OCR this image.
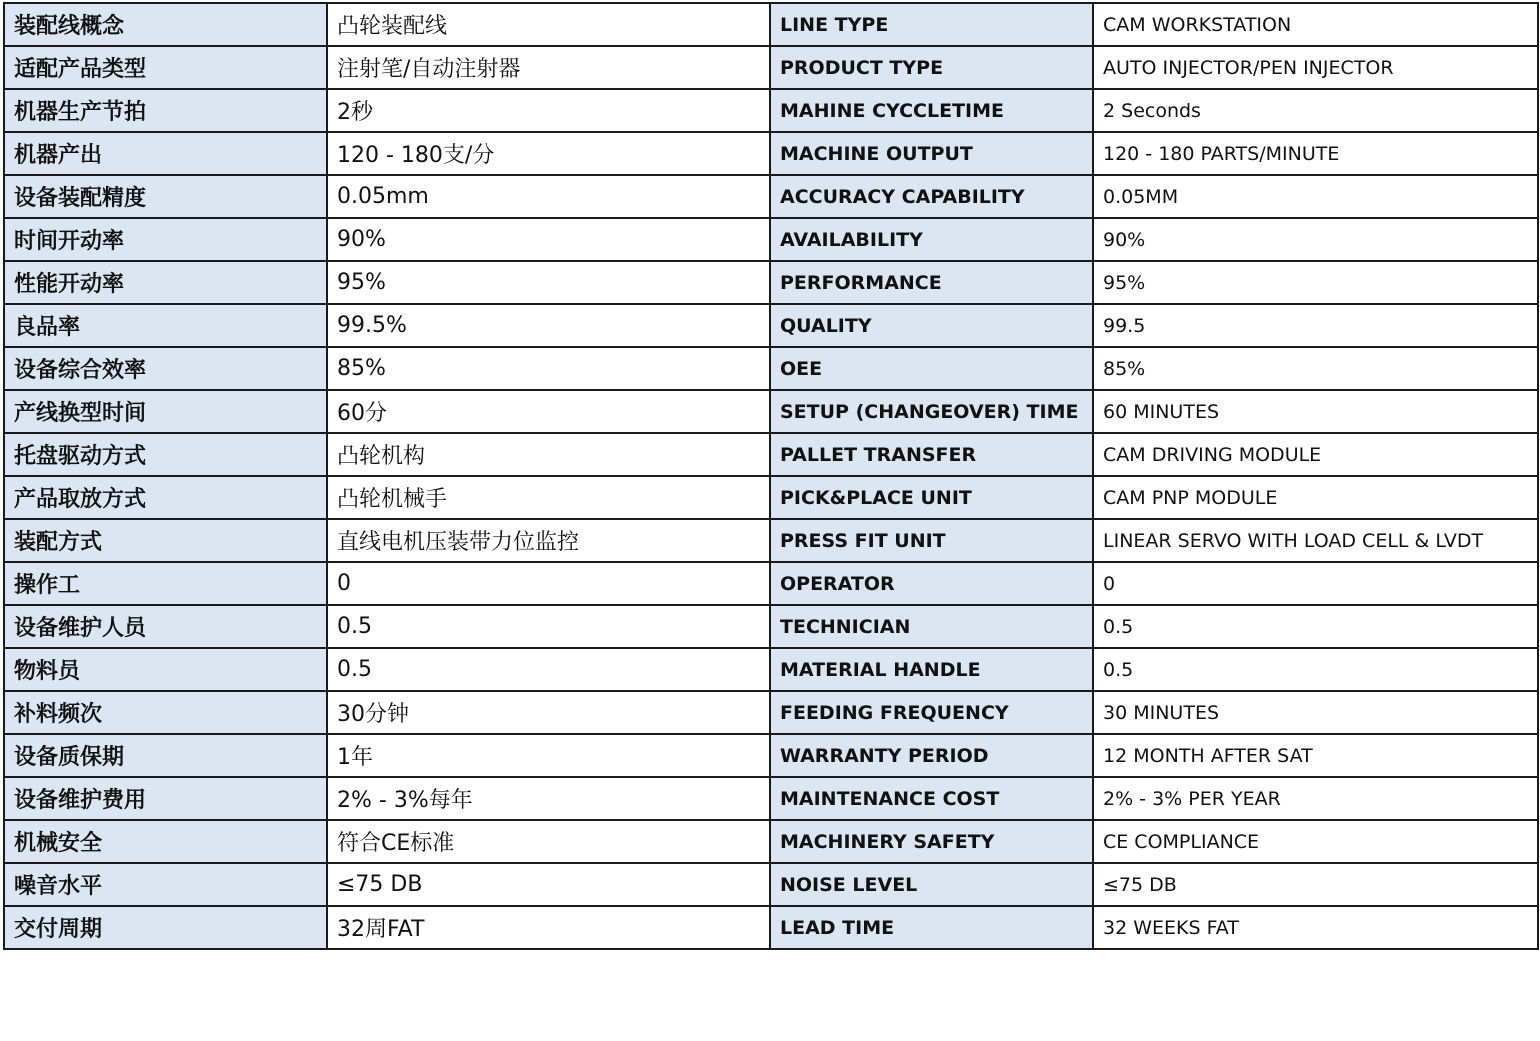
装配线概念	凸轮装配线	LINE TYPE	CAM WORKSTATION
适配产品类型	注射笔/自动注射器	PRODUCT TYPE	AUTO INJECTOR/PEN INJECTOR
机器生产节拍	2秒	MAHINE CYCCLETIME	2 Seconds
机器产出	120 - 180支/分	MACHINE OUTPUT	120 - 180 PARTS/MINUTE
设备装配精度	0.05mm	ACCURACY CAPABILITY	0.05MM
时间开动率	90%	AVAILABILITY	90%
性能开动率	95%	PERFORMANCE	95%
良品率	99.5%	QUALITY	99.5
设备综合效率	85%	OEE	85%
产线换型时间	60分	SETUP (CHANGEOVER) TIME	60 MINUTES
托盘驱动方式	凸轮机构	PALLET TRANSFER	CAM DRIVING MODULE
产品取放方式	凸轮机械手	PICK&PLACE UNIT	CAM PNP MODULE
装配方式	直线电机压装带力位监控	PRESS FIT UNIT	LINEAR SERVO WITH LOAD CELL & LVDT
操作工	0	OPERATOR	0
设备维护人员	0.5	TECHNICIAN	0.5
物料员	0.5	MATERIAL HANDLE	0.5
补料频次	30分钟	FEEDING FREQUENCY	30 MINUTES
设备质保期	1年	WARRANTY PERIOD	12 MONTH AFTER SAT
设备维护费用	2% - 3%每年	MAINTENANCE COST	2% - 3% PER YEAR
机械安全	符合CE标准	MACHINERY SAFETY	CE COMPLIANCE
噪音水平	≤75 DB	NOISE LEVEL	≤75 DB
交付周期	32周FAT	LEAD TIME	32 WEEKS FAT
